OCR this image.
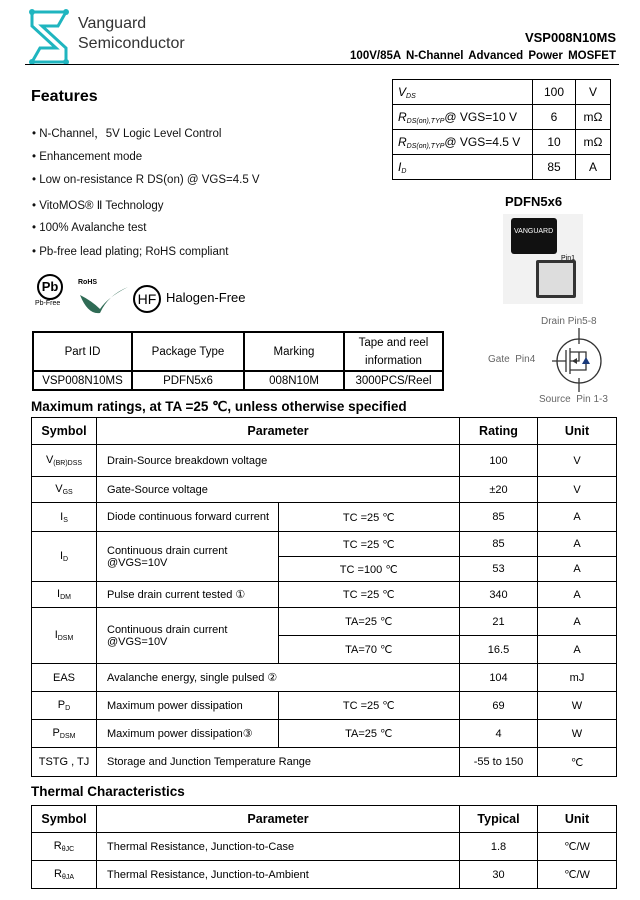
Vanguard
Semiconductor	VSP008N10MS
100V/85A N-Channel Advanced Power MOSFET
Features
• N-Channel，5V Logic Level Control
• Enhancement mode
• Low on-resistance R DS(on) @ VGS=4.5 V
• VitoMOS® Ⅱ Technology
• 100% Avalanche test
• Pb-free lead plating; RoHS compliant
$V_{DS}$	100	V
$R_{DS(on),TYP}@$ VGS=10 V	6	mΩ
$R_{DS(on),TYP}@$ VGS=4.5 V	10	mΩ
$I_D$	85	A
PDFN5x6
VANGUARD
Pin1
Pb
Pb-Free
RoHS
HF Halogen-Free
Part ID	Package Type	Marking	Tape and reel information
VSP008N10MS	PDFN5x6	008N10M	3000PCS/Reel
Drain Pin5-8
Gate Pin4
Source Pin 1-3
Maximum ratings, at TA =25 ℃, unless otherwise specified
Symbol	Parameter		Rating	Unit
$V_{(BR)DSS}$	Drain-Source breakdown voltage		100	V
$V_{GS}$	Gate-Source voltage		±20	V
$I_S$	Diode continuous forward current	TC =25 ℃	85	A
$I_D$	Continuous drain current @VGS=10V	TC =25 ℃	85	A
		TC =100 ℃	53	A
$I_{DM}$	Pulse drain current tested ①	TC =25 ℃	340	A
$I_{DSM}$	Continuous drain current @VGS=10V	TA=25 ℃	21	A
		TA=70 ℃	16.5	A
EAS	Avalanche energy, single pulsed ②		104	mJ
$P_D$	Maximum power dissipation	TC =25 ℃	69	W
$P_{DSM}$	Maximum power dissipation③	TA=25 ℃	4	W
TSTG , TJ	Storage and Junction Temperature Range		-55 to 150	℃
Thermal Characteristics
Symbol	Parameter	Typical	Unit
$R_{\theta JC}$	Thermal Resistance, Junction-to-Case	1.8	℃/W
$R_{\theta JA}$	Thermal Resistance, Junction-to-Ambient	30	℃/W
